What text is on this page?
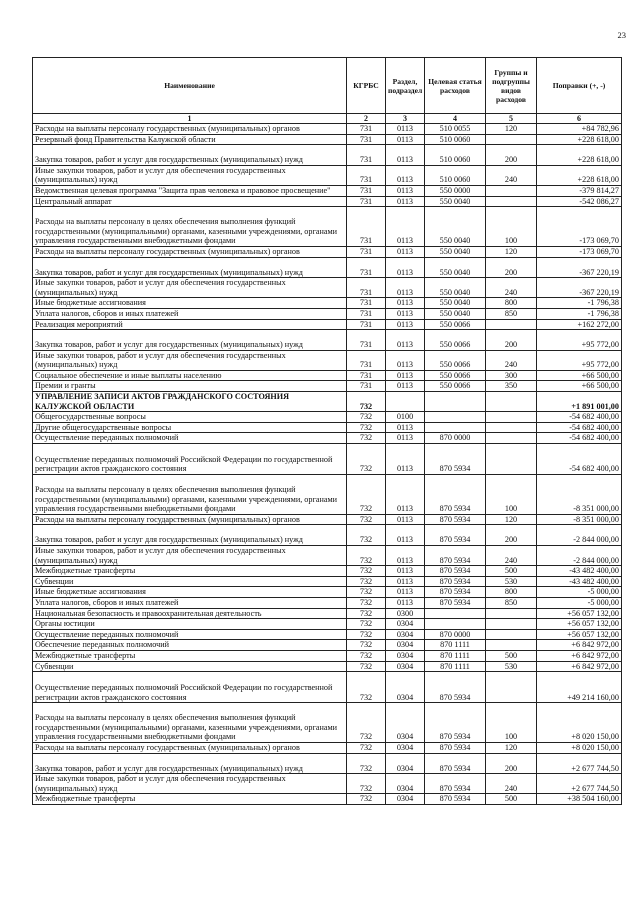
23
Наименование	КГРБС	Раздел, подраздел	Целевая статья расходов	Группы и подгруппы видов расходов	Поправки (+, -)
1	2	3	4	5	6
Расходы на выплаты персоналу государственных (муниципальных) органов	731	0113	510 0055	120	+84 782,96
Резервный фонд Правительства Калужской области	731	0113	510 0060		+228 618,00
Закупка товаров, работ и услуг для государственных (муниципальных) нужд	731	0113	510 0060	200	+228 618,00
Иные закупки товаров, работ и услуг для обеспечения государственных (муниципальных) нужд	731	0113	510 0060	240	+228 618,00
Ведомственная целевая программа "Защита прав человека и правовое просвещение"	731	0113	550 0000		-379 814,27
Центральный аппарат	731	0113	550 0040		-542 086,27
Расходы на выплаты персоналу в целях обеспечения выполнения функций государственными (муниципальными) органами, казенными учреждениями, органами управления государственными внебюджетными фондами	731	0113	550 0040	100	-173 069,70
Расходы на выплаты персоналу государственных (муниципальных) органов	731	0113	550 0040	120	-173 069,70
Закупка товаров, работ и услуг для государственных (муниципальных) нужд	731	0113	550 0040	200	-367 220,19
Иные закупки товаров, работ и услуг для обеспечения государственных (муниципальных) нужд	731	0113	550 0040	240	-367 220,19
Иные бюджетные ассигнования	731	0113	550 0040	800	-1 796,38
Уплата налогов, сборов и иных платежей	731	0113	550 0040	850	-1 796,38
Реализация мероприятий	731	0113	550 0066		+162 272,00
Закупка товаров, работ и услуг для государственных (муниципальных) нужд	731	0113	550 0066	200	+95 772,00
Иные закупки товаров, работ и услуг для обеспечения государственных (муниципальных) нужд	731	0113	550 0066	240	+95 772,00
Социальное обеспечение и иные выплаты населению	731	0113	550 0066	300	+66 500,00
Премии и гранты	731	0113	550 0066	350	+66 500,00
УПРАВЛЕНИЕ ЗАПИСИ АКТОВ ГРАЖДАНСКОГО СОСТОЯНИЯ КАЛУЖСКОЙ ОБЛАСТИ	732				+1 891 001,00
Общегосударственные вопросы	732	0100			-54 682 400,00
Другие общегосударственные вопросы	732	0113			-54 682 400,00
Осуществление переданных полномочий	732	0113	870 0000		-54 682 400,00
Осуществление переданных полномочий Российской Федерации по государственной регистрации актов гражданского состояния	732	0113	870 5934		-54 682 400,00
Расходы на выплаты персоналу в целях обеспечения выполнения функций государственными (муниципальными) органами, казенными учреждениями, органами управления государственными внебюджетными фондами	732	0113	870 5934	100	-8 351 000,00
Расходы на выплаты персоналу государственных (муниципальных) органов	732	0113	870 5934	120	-8 351 000,00
Закупка товаров, работ и услуг для государственных (муниципальных) нужд	732	0113	870 5934	200	-2 844 000,00
Иные закупки товаров, работ и услуг для обеспечения государственных (муниципальных) нужд	732	0113	870 5934	240	-2 844 000,00
Межбюджетные трансферты	732	0113	870 5934	500	-43 482 400,00
Субвенции	732	0113	870 5934	530	-43 482 400,00
Иные бюджетные ассигнования	732	0113	870 5934	800	-5 000,00
Уплата налогов, сборов и иных платежей	732	0113	870 5934	850	-5 000,00
Национальная безопасность и правоохранительная деятельность	732	0300			+56 057 132,00
Органы юстиции	732	0304			+56 057 132,00
Осуществление переданных полномочий	732	0304	870 0000		+56 057 132,00
Обеспечение переданных полномочий	732	0304	870 1111		+6 842 972,00
Межбюджетные трансферты	732	0304	870 1111	500	+6 842 972,00
Субвенции	732	0304	870 1111	530	+6 842 972,00
Осуществление переданных полномочий Российской Федерации по государственной регистрации актов гражданского состояния	732	0304	870 5934		+49 214 160,00
Расходы на выплаты персоналу в целях обеспечения выполнения функций государственными (муниципальными) органами, казенными учреждениями, органами управления государственными внебюджетными фондами	732	0304	870 5934	100	+8 020 150,00
Расходы на выплаты персоналу государственных (муниципальных) органов	732	0304	870 5934	120	+8 020 150,00
Закупка товаров, работ и услуг для государственных (муниципальных) нужд	732	0304	870 5934	200	+2 677 744,50
Иные закупки товаров, работ и услуг для обеспечения государственных (муниципальных) нужд	732	0304	870 5934	240	+2 677 744,50
Межбюджетные трансферты	732	0304	870 5934	500	+38 504 160,00
